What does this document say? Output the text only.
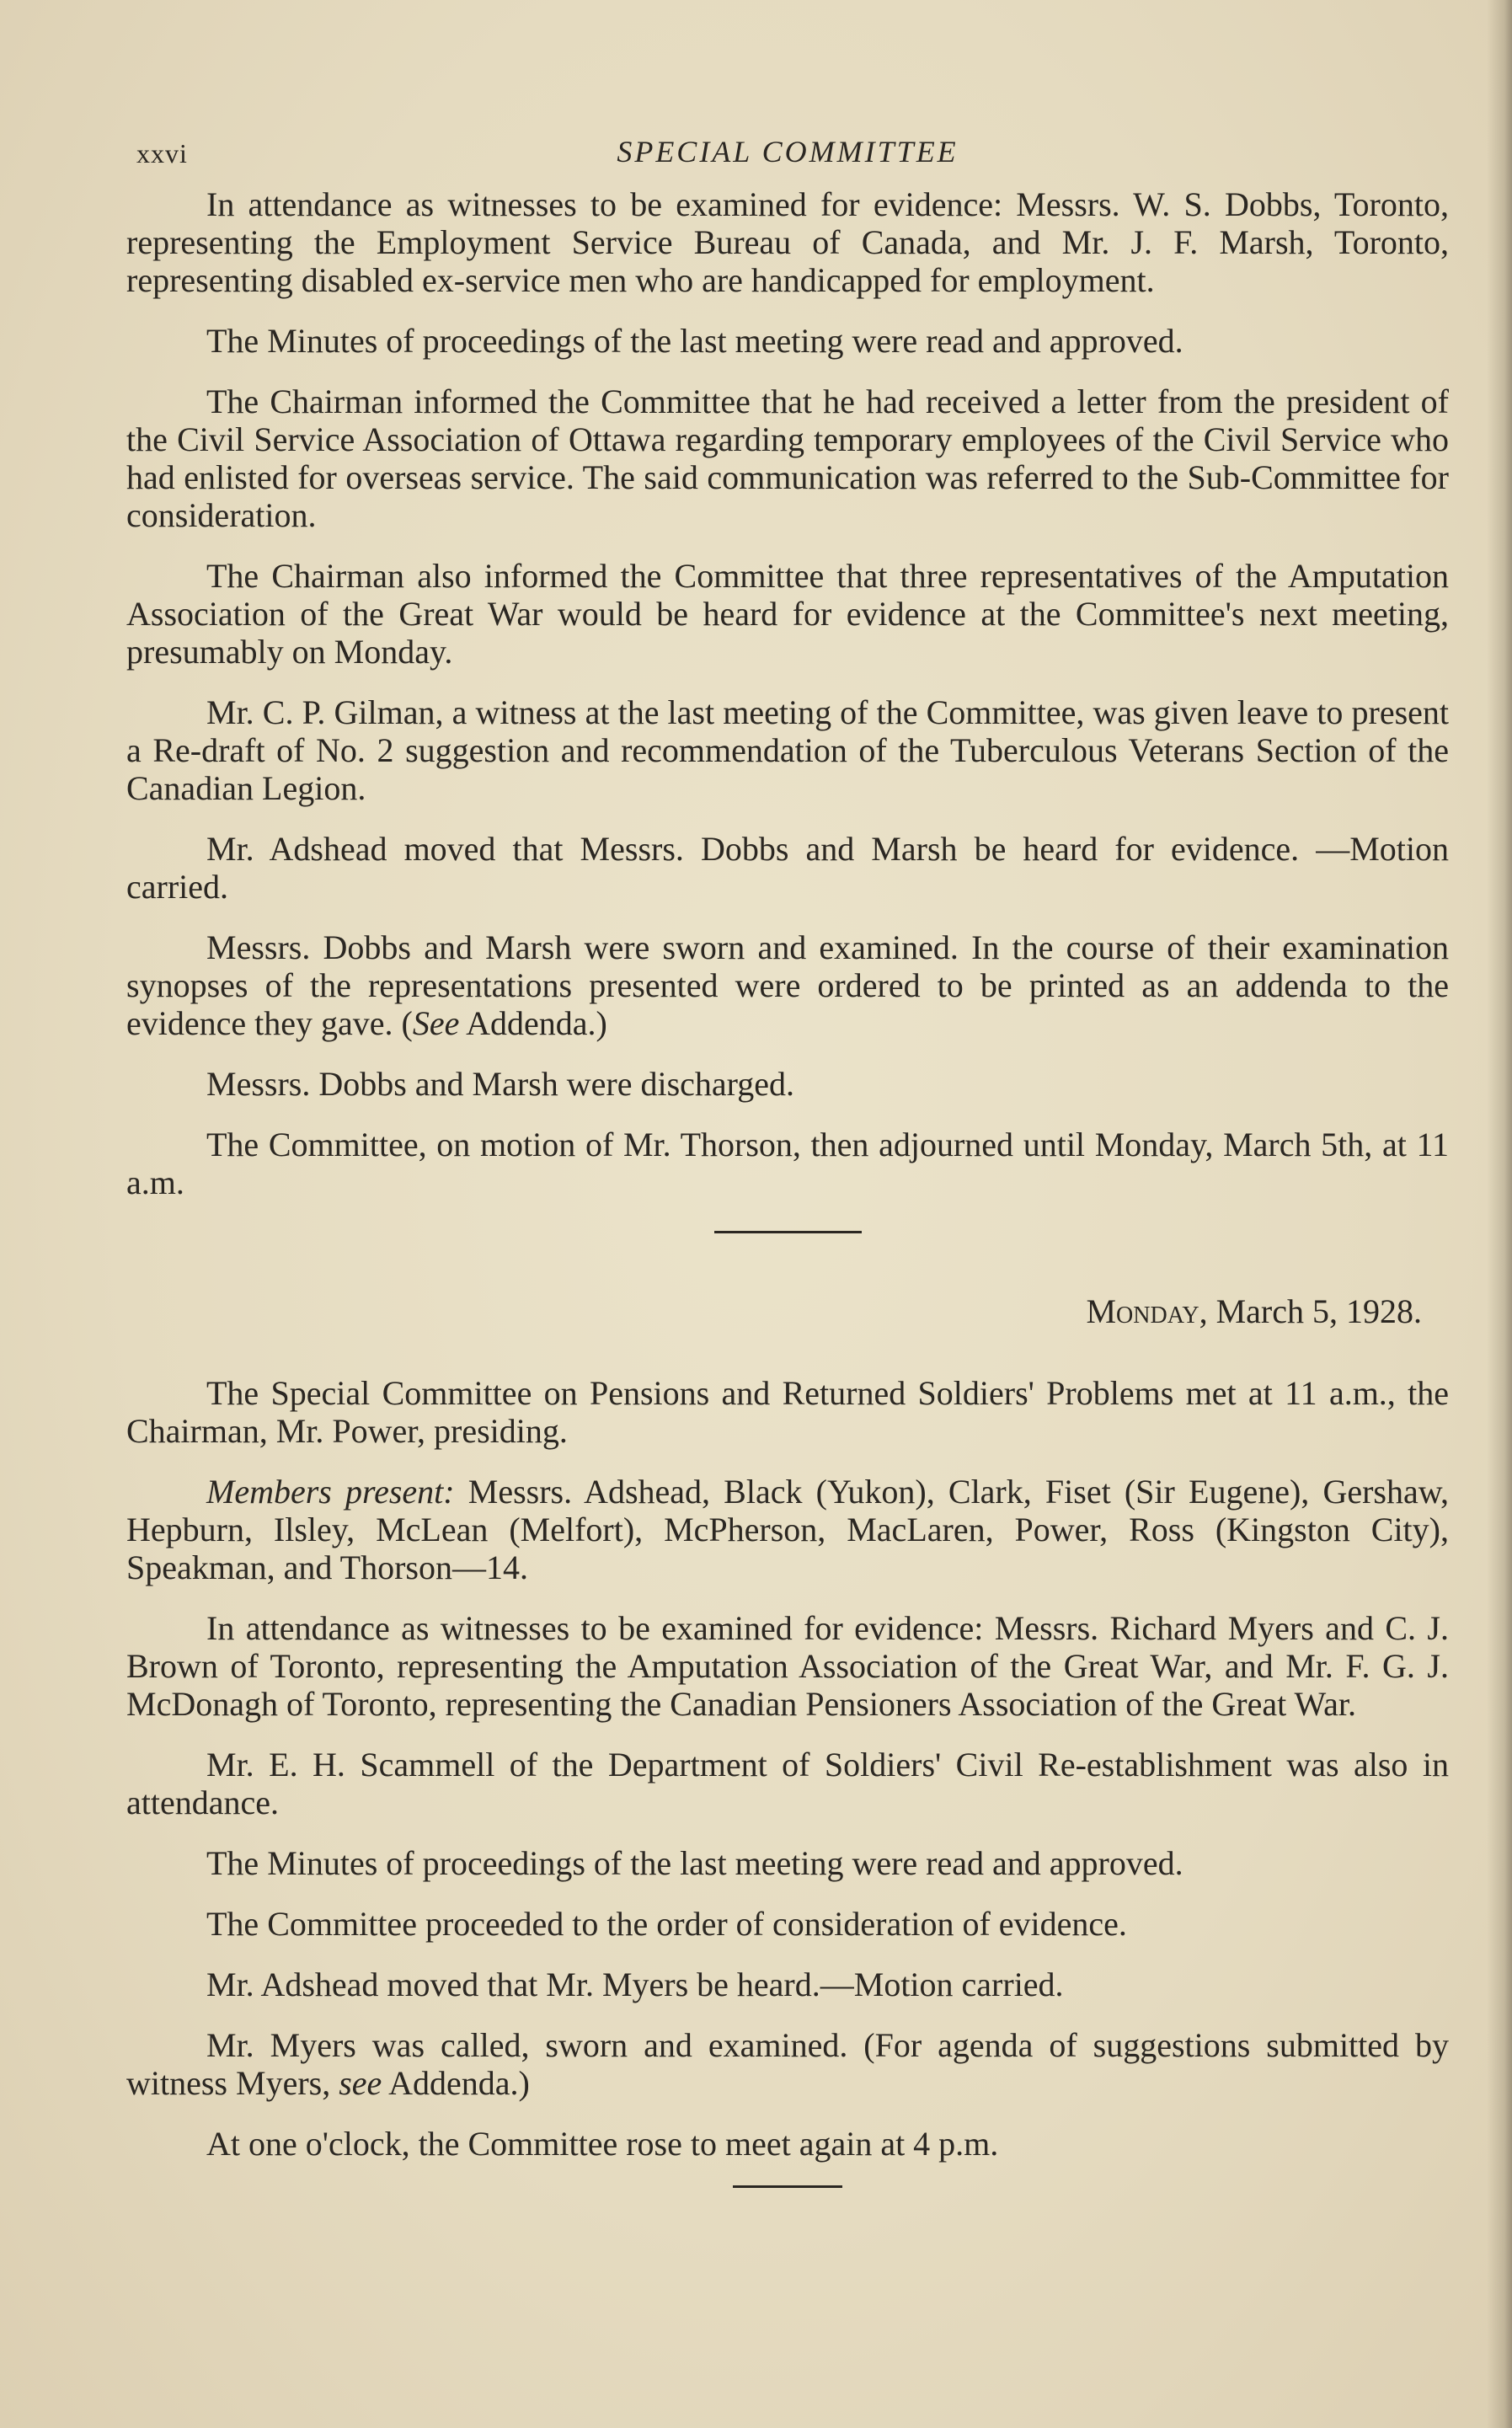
xxvi	SPECIAL COMMITTEE

In attendance as witnesses to be examined for evidence: Messrs. W. S. Dobbs, Toronto, representing the Employment Service Bureau of Canada, and Mr. J. F. Marsh, Toronto, representing disabled ex-service men who are handicapped for employment.

The Minutes of proceedings of the last meeting were read and approved.

The Chairman informed the Committee that he had received a letter from the president of the Civil Service Association of Ottawa regarding temporary employees of the Civil Service who had enlisted for overseas service. The said communication was referred to the Sub-Committee for consideration.

The Chairman also informed the Committee that three representatives of the Amputation Association of the Great War would be heard for evidence at the Committee's next meeting, presumably on Monday.

Mr. C. P. Gilman, a witness at the last meeting of the Committee, was given leave to present a Re-draft of No. 2 suggestion and recommendation of the Tuberculous Veterans Section of the Canadian Legion.

Mr. Adshead moved that Messrs. Dobbs and Marsh be heard for evidence. —Motion carried.

Messrs. Dobbs and Marsh were sworn and examined. In the course of their examination synopses of the representations presented were ordered to be printed as an addenda to the evidence they gave. (See Addenda.)

Messrs. Dobbs and Marsh were discharged.

The Committee, on motion of Mr. Thorson, then adjourned until Monday, March 5th, at 11 a.m.

Monday, March 5, 1928.

The Special Committee on Pensions and Returned Soldiers' Problems met at 11 a.m., the Chairman, Mr. Power, presiding.

Members present: Messrs. Adshead, Black (Yukon), Clark, Fiset (Sir Eugene), Gershaw, Hepburn, Ilsley, McLean (Melfort), McPherson, MacLaren, Power, Ross (Kingston City), Speakman, and Thorson—14.

In attendance as witnesses to be examined for evidence: Messrs. Richard Myers and C. J. Brown of Toronto, representing the Amputation Association of the Great War, and Mr. F. G. J. McDonagh of Toronto, representing the Canadian Pensioners Association of the Great War.

Mr. E. H. Scammell of the Department of Soldiers' Civil Re-establishment was also in attendance.

The Minutes of proceedings of the last meeting were read and approved.

The Committee proceeded to the order of consideration of evidence.

Mr. Adshead moved that Mr. Myers be heard.—Motion carried.

Mr. Myers was called, sworn and examined. (For agenda of suggestions submitted by witness Myers, see Addenda.)

At one o'clock, the Committee rose to meet again at 4 p.m.
